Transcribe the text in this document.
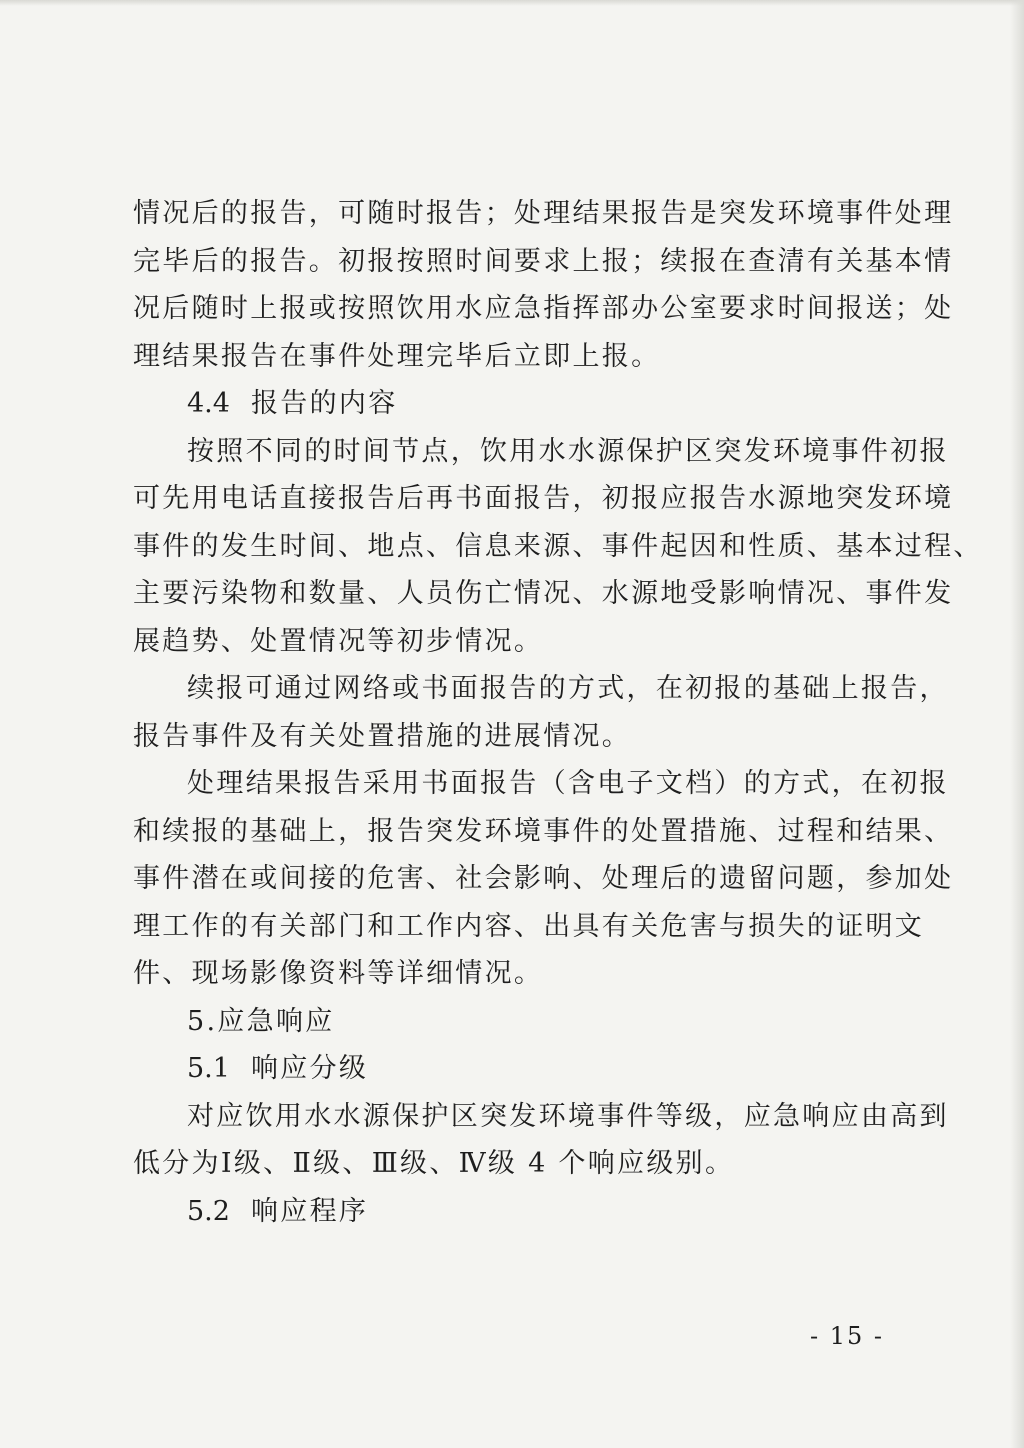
情况后的报告，可随时报告；处理结果报告是突发环境事件处理
完毕后的报告。初报按照时间要求上报；续报在查清有关基本情
况后随时上报或按照饮用水应急指挥部办公室要求时间报送；处
理结果报告在事件处理完毕后立即上报。
4.4 报告的内容
按照不同的时间节点，饮用水水源保护区突发环境事件初报
可先用电话直接报告后再书面报告，初报应报告水源地突发环境
事件的发生时间、地点、信息来源、事件起因和性质、基本过程、
主要污染物和数量、人员伤亡情况、水源地受影响情况、事件发
展趋势、处置情况等初步情况。
续报可通过网络或书面报告的方式，在初报的基础上报告，
报告事件及有关处置措施的进展情况。
处理结果报告采用书面报告（含电子文档）的方式，在初报
和续报的基础上，报告突发环境事件的处置措施、过程和结果、
事件潜在或间接的危害、社会影响、处理后的遗留问题，参加处
理工作的有关部门和工作内容、出具有关危害与损失的证明文
件、现场影像资料等详细情况。
5.应急响应
5.1 响应分级
对应饮用水水源保护区突发环境事件等级，应急响应由高到
低分为Ⅰ级、Ⅱ级、Ⅲ级、Ⅳ级 4 个响应级别。
5.2 响应程序
- 15 -
